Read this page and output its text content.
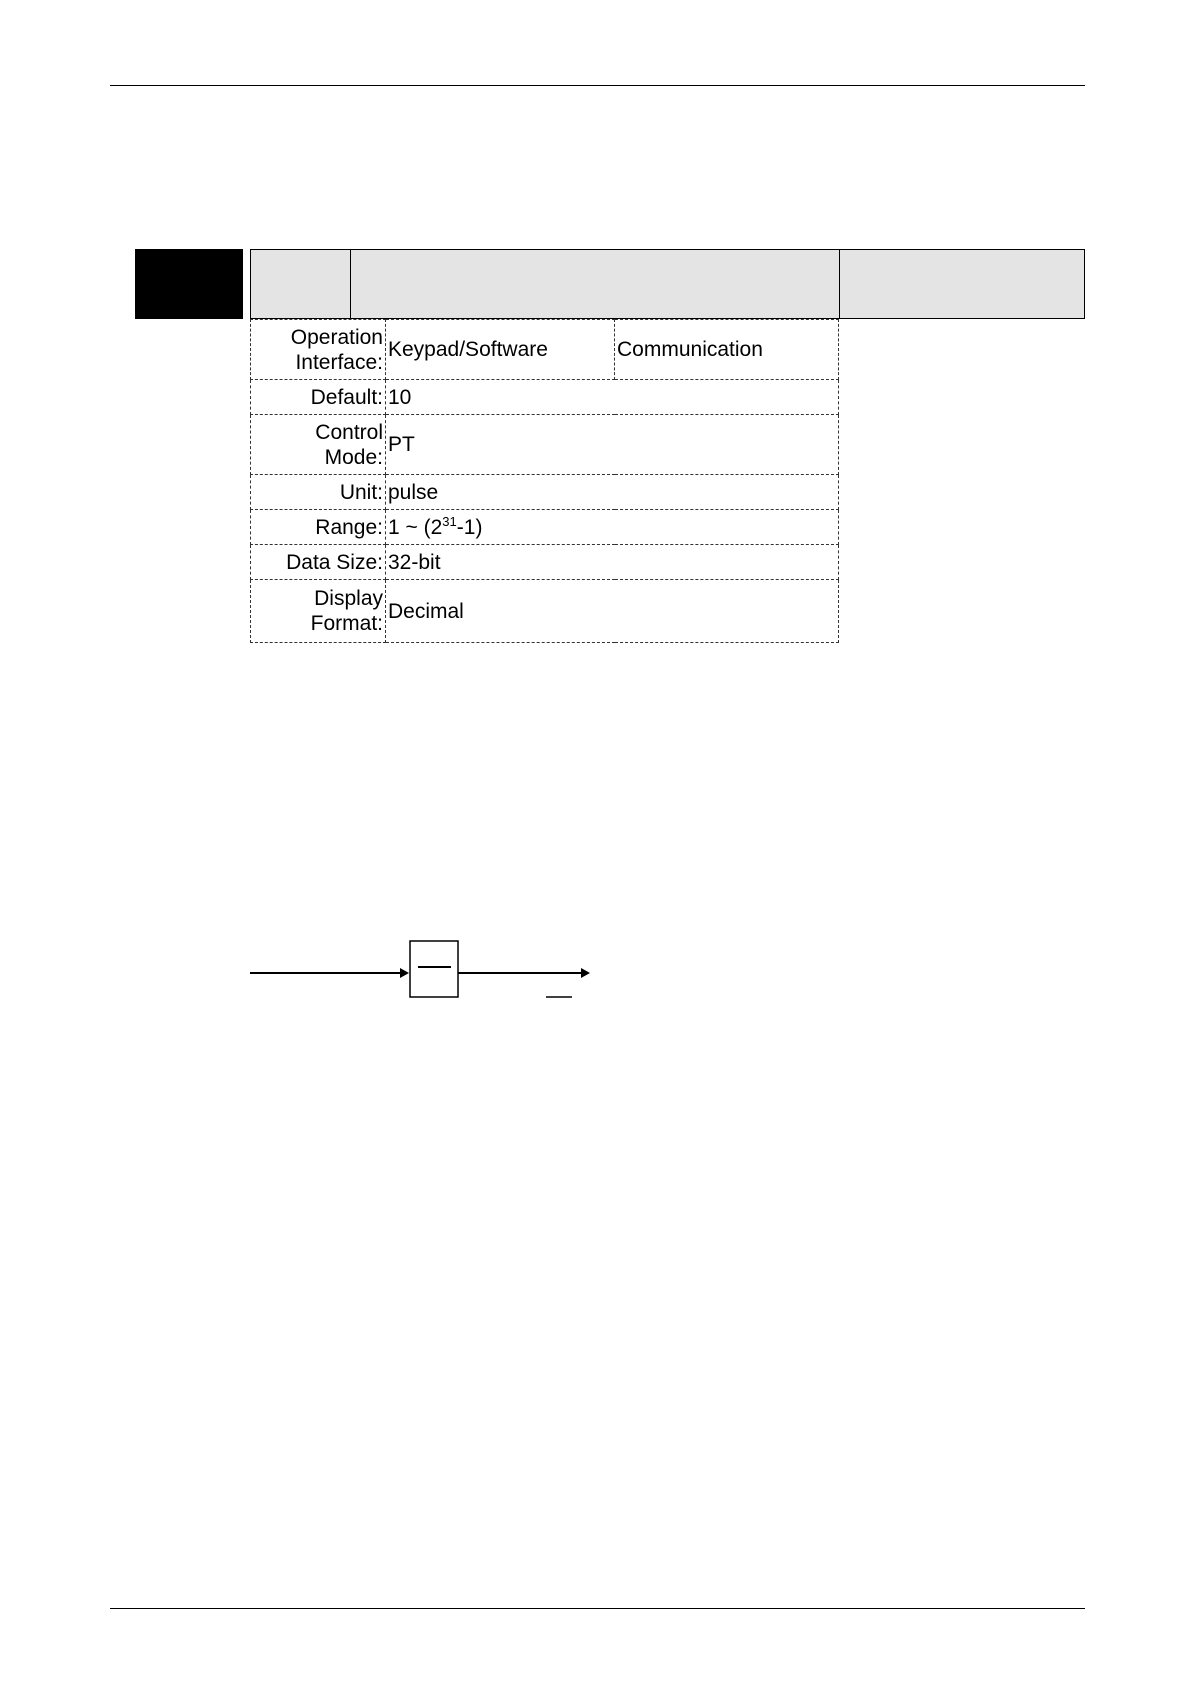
Operation Interface:	Keypad/Software	Communication
Default:	10	
Control Mode:	PT	
Unit:	pulse	
Range:	1 ~ $(2^{31}-1)$	
Data Size:	32-bit	
Display Format:	Decimal	
